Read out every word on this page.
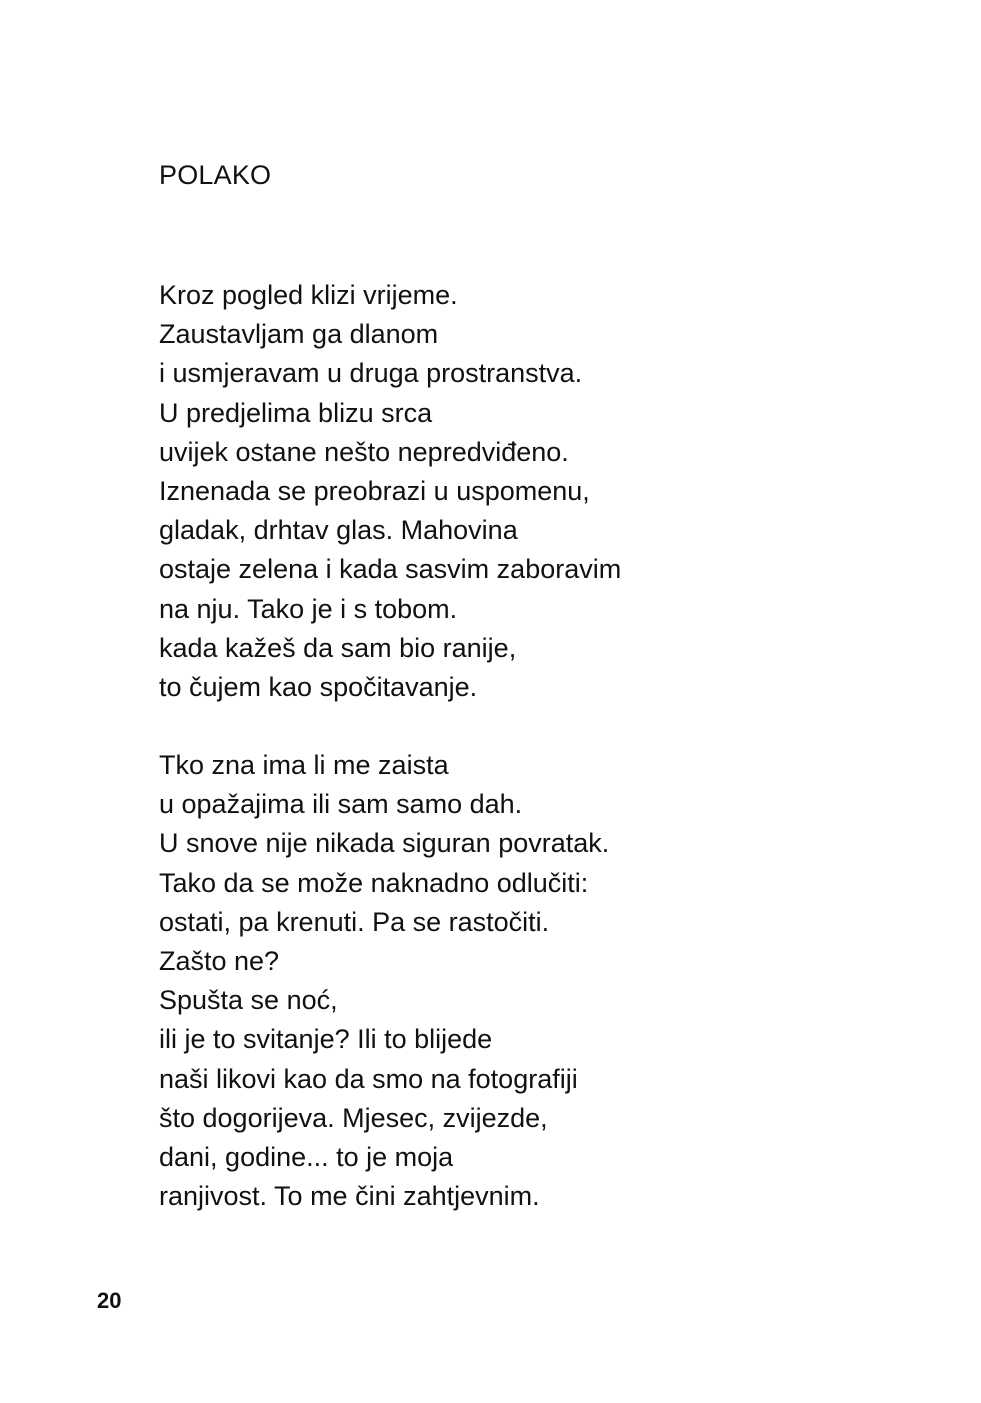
POLAKO
Kroz pogled klizi vrijeme.
Zaustavljam ga dlanom
i usmjeravam u druga prostranstva.
U predjelima blizu srca
uvijek ostane nešto nepredviđeno.
Iznenada se preobrazi u uspomenu,
gladak, drhtav glas. Mahovina
ostaje zelena i kada sasvim zaboravim
na nju. Tako je i s tobom.
kada kažeš da sam bio ranije,
to čujem kao spočitavanje.
Tko zna ima li me zaista
u opažajima ili sam samo dah.
U snove nije nikada siguran povratak.
Tako da se može naknadno odlučiti:
ostati, pa krenuti. Pa se rastočiti.
Zašto ne?
Spušta se noć,
ili je to svitanje? Ili to blijede
naši likovi kao da smo na fotografiji
što dogorijeva. Mjesec, zvijezde,
dani, godine... to je moja
ranjivost. To me čini zahtjevnim.
20
